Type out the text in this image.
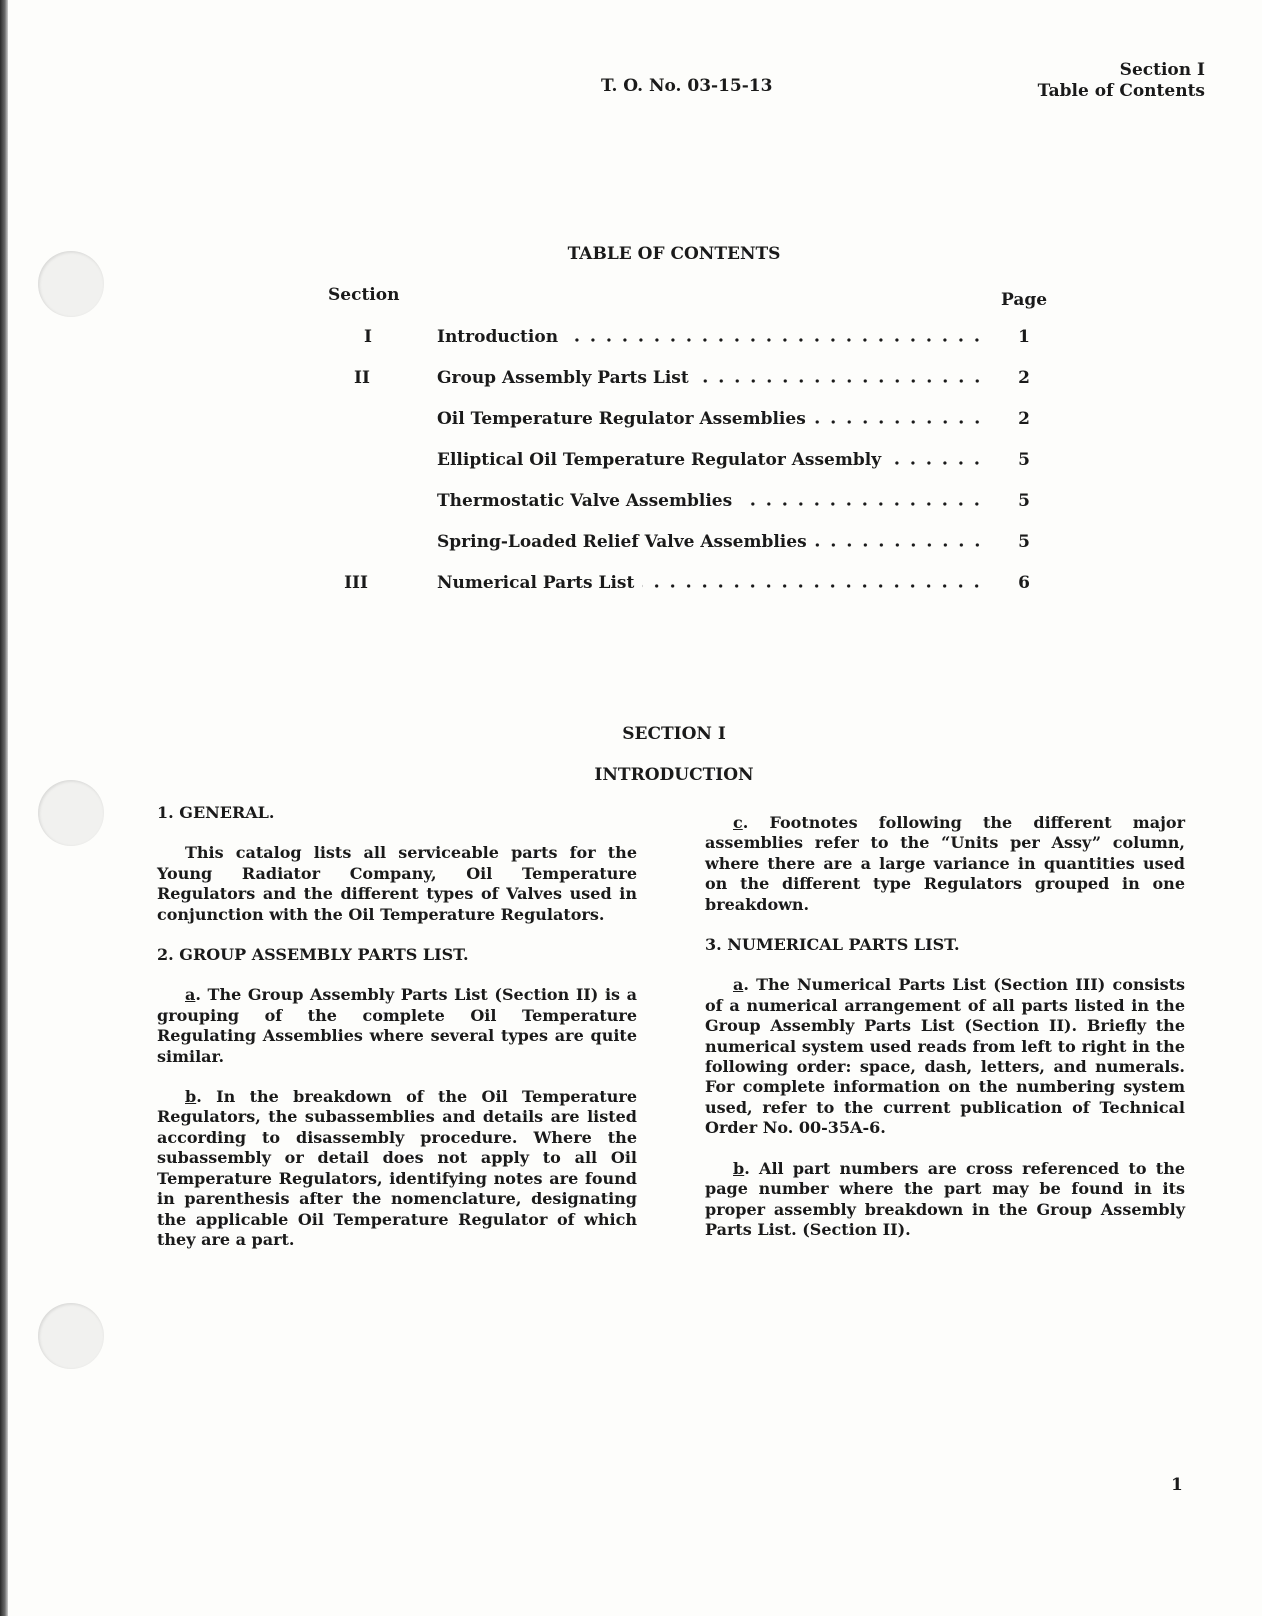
T. O. No. 03-15-13
Section I
Table of Contents
TABLE OF CONTENTS
Section	Page
I	Introduction	1
II	Group Assembly Parts List	2
Oil Temperature Regulator Assemblies	2
Elliptical Oil Temperature Regulator Assembly	5
Thermostatic Valve Assemblies	5
Spring-Loaded Relief Valve Assemblies	5
III	Numerical Parts List	6
SECTION I
INTRODUCTION
1. GENERAL.

This catalog lists all serviceable parts for the Young Radiator Company, Oil Temperature Regulators and the different types of Valves used in conjunction with the Oil Temperature Regulators.

2. GROUP ASSEMBLY PARTS LIST.

a. The Group Assembly Parts List (Section II) is a grouping of the complete Oil Temperature Regulating Assemblies where several types are quite similar.

b. In the breakdown of the Oil Temperature Regulators, the subassemblies and details are listed according to disassembly procedure. Where the subassembly or detail does not apply to all Oil Temperature Regulators, identifying notes are found in parenthesis after the nomenclature, designating the applicable Oil Temperature Regulator of which they are a part.

c. Footnotes following the different major assemblies refer to the “Units per Assy” column, where there are a large variance in quantities used on the different type Regulators grouped in one breakdown.

3. NUMERICAL PARTS LIST.

a. The Numerical Parts List (Section III) consists of a numerical arrangement of all parts listed in the Group Assembly Parts List (Section II). Briefly the numerical system used reads from left to right in the following order: space, dash, letters, and numerals. For complete information on the numbering system used, refer to the current publication of Technical Order No. 00-35A-6.

b. All part numbers are cross referenced to the page number where the part may be found in its proper assembly breakdown in the Group Assembly Parts List. (Section II).

1
